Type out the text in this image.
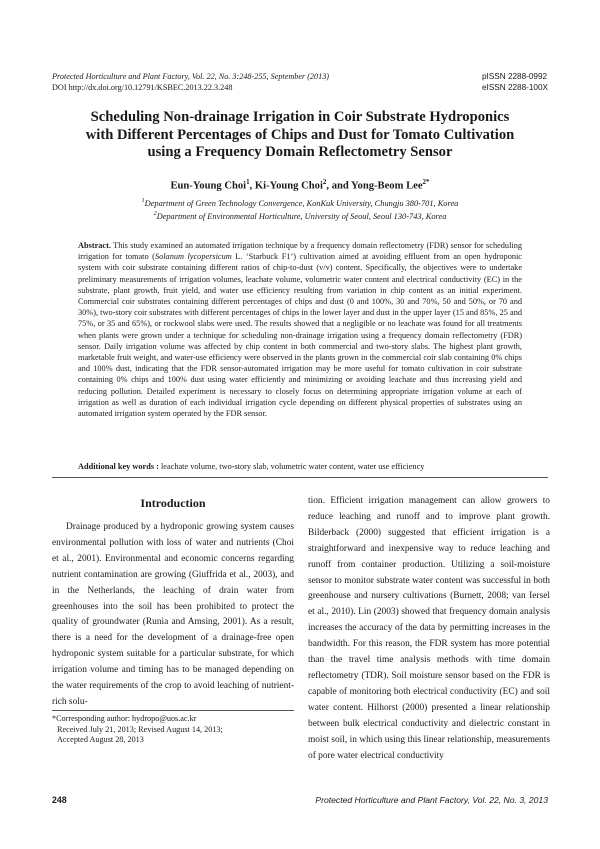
Protected Horticulture and Plant Factory, Vol. 22, No. 3:248-255, September (2013)
DOI http://dx.doi.org/10.12791/KSBEC.2013.22.3.248
pISSN 2288-0992
eISSN 2288-100X
Scheduling Non-drainage Irrigation in Coir Substrate Hydroponics
with Different Percentages of Chips and Dust for Tomato Cultivation
using a Frequency Domain Reflectometry Sensor
Eun-Young Choi$^1$, Ki-Young Choi$^2$, and Yong-Beom Lee$^{2*}$
$^1$Department of Green Technology Convergence, KonKuk University, Chungju 380-701, Korea
$^2$Department of Environmental Horticulture, University of Seoul, Seoul 130-743, Korea
Abstract. This study examined an automated irrigation technique by a frequency domain reflectometry (FDR) sensor for scheduling irrigation for tomato (Solanum lycopersicum L. ‘Starbuck F1’) cultivation aimed at avoiding effluent from an open hydroponic system with coir substrate containing different ratios of chip-to-dust (v/v) content. Specifically, the objectives were to undertake preliminary measurements of irrigation volumes, leachate volume, volumetric water content and electrical conductivity (EC) in the substrate, plant growth, fruit yield, and water use efficiency resulting from variation in chip content as an initial experiment. Commercial coir substrates containing different percentages of chips and dust (0 and 100%, 30 and 70%, 50 and 50%, or 70 and 30%), two-story coir substrates with different percentages of chips in the lower layer and dust in the upper layer (15 and 85%, 25 and 75%, or 35 and 65%), or rockwool slabs were used. The results showed that a negligible or no leachate was found for all treatments when plants were grown under a technique for scheduling non-drainage irrigation using a frequency domain reflectometry (FDR) sensor. Daily irrigation volume was affected by chip content in both commercial and two-story slabs. The highest plant growth, marketable fruit weight, and water-use efficiency were observed in the plants grown in the commercial coir slab containing 0% chips and 100% dust, indicating that the FDR sensor-automated irrigation may be more useful for tomato cultivation in coir substrate containing 0% chips and 100% dust using water efficiently and minimizing or avoiding leachate and thus increasing yield and reducing pollution. Detailed experiment is necessary to closely focus on determining appropriate irrigation volume at each of irrigation as well as duration of each individual irrigation cycle depending on different physical properties of substrates using an automated irrigation system operated by the FDR sensor.
Additional key words : leachate volume, two-story slab, volumetric water content, water use efficiency
Introduction

Drainage produced by a hydroponic growing system causes environmental pollution with loss of water and nutrients (Choi et al., 2001). Environmental and economic concerns regarding nutrient contamination are growing (Giuffrida et al., 2003), and in the Netherlands, the leaching of drain water from greenhouses into the soil has been prohibited to protect the quality of groundwater (Runia and Amsing, 2001). As a result, there is a need for the development of a drainage-free open hydroponic system suitable for a particular substrate, for which irrigation volume and timing has to be managed depending on the water requirements of the crop to avoid leaching of nutrient-rich solu-

tion. Efficient irrigation management can allow growers to reduce leaching and runoff and to improve plant growth. Bilderback (2000) suggested that efficient irrigation is a straightforward and inexpensive way to reduce leaching and runoff from container production. Utilizing a soil-moisture sensor to monitor substrate water content was successful in both greenhouse and nursery cultivations (Burnett, 2008; van Iersel et al., 2010). Lin (2003) showed that frequency domain analysis increases the accuracy of the data by permitting increases in the bandwidth. For this reason, the FDR system has more potential than the travel time analysis methods with time domain reflectometry (TDR). Soil moisture sensor based on the FDR is capable of monitoring both electrical conductivity (EC) and soil water content. Hilhorst (2000) presented a linear relationship between bulk electrical conductivity and dielectric constant in moist soil, in which using this linear relationship, measurements of pore water electrical conductivity

*Corresponding author: hydropo@uos.ac.kr
Received July 21, 2013; Revised August 14, 2013;
Accepted August 28, 2013
248	Protected Horticulture and Plant Factory, Vol. 22, No. 3, 2013
